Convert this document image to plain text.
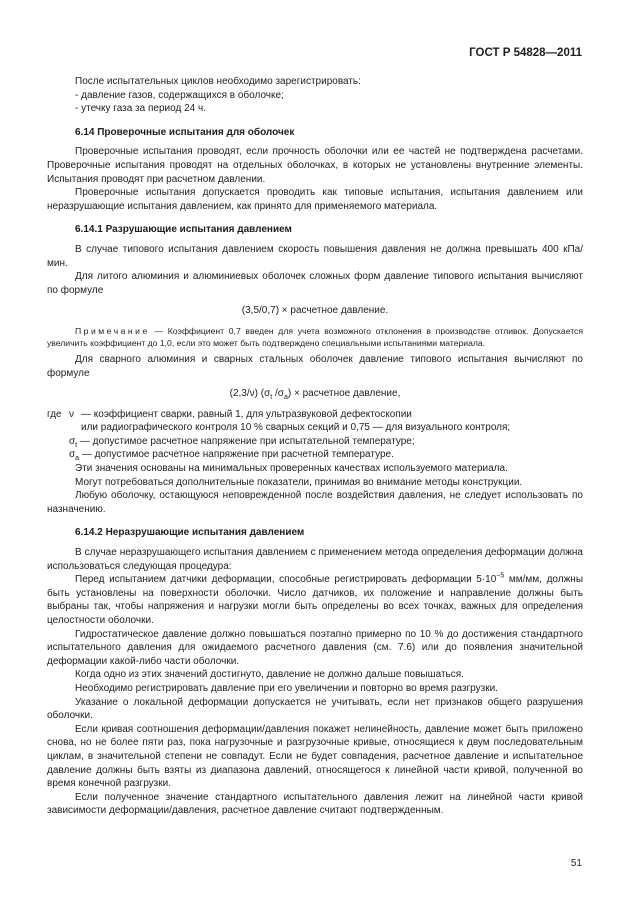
ГОСТ Р 54828—2011

После испытательных циклов необходимо зарегистрировать:

- давление газов, содержащихся в оболочке;

- утечку газа за период 24 ч.

6.14 Проверочные испытания для оболочек

Проверочные испытания проводят, если прочность оболочки или ее частей не подтверждена расчетами. Проверочные испытания проводят на отдельных оболочках, в которых не установлены внутренние элементы. Испытания проводят при расчетном давлении.

Проверочные испытания допускается проводить как типовые испытания, испытания давлением или неразрушающие испытания давлением, как принято для применяемого материала.

6.14.1 Разрушающие испытания давлением

В случае типового испытания давлением скорость повышения давления не должна превышать 400 кПа/мин.

Для литого алюминия и алюминиевых оболочек сложных форм давление типового испытания вычисляют по формуле

(3,5/0,7) × расчетное давление.

Примечание — Коэффициент 0,7 введен для учета возможного отклонения в производстве отливок. Допускается увеличить коэффициент до 1,0, если это может быть подтверждено специальными испытаниями материала.

Для сварного алюминия и сварных стальных оболочек давление типового испытания вычисляют по формуле

(2,3/ν) ($\sigma_t$ $/\sigma_a$) × расчетное давление,

где ν — коэффициент сварки, равный 1, для ультразвуковой дефектоскопии

или радиографического контроля 10 % сварных секций и 0,75 — для визуального контроля;

$\sigma_t$ — допустимое расчетное напряжение при испытательной температуре;

$\sigma_a$ — допустимое расчетное напряжение при расчетной температуре.

Эти значения основаны на минимальных проверенных качествах используемого материала.

Могут потребоваться дополнительные показатели, принимая во внимание методы конструкции.

Любую оболочку, остающуюся неповрежденной после воздействия давления, не следует использовать по назначению.

6.14.2 Неразрушающие испытания давлением

В случае неразрушающего испытания давлением с применением метода определения деформации должна использоваться следующая процедура:

Перед испытанием датчики деформации, способные регистрировать деформации $5\cdot 10^{-5}$ мм/мм, должны быть установлены на поверхности оболочки. Число датчиков, их положение и направление должны быть выбраны так, чтобы напряжения и нагрузки могли быть определены во всех точках, важных для определения целостности оболочки.

Гидростатическое давление должно повышаться поэтапно примерно по 10 % до достижения стандартного испытательного давления для ожидаемого расчетного давления (см. 7.6) или до появления значительной деформации какой-либо части оболочки.

Когда одно из этих значений достигнуто, давление не должно дальше повышаться.

Необходимо регистрировать давление при его увеличении и повторно во время разгрузки.

Указание о локальной деформации допускается не учитывать, если нет признаков общего разрушения оболочки.

Если кривая соотношения деформации/давления покажет нелинейность, давление может быть приложено снова, но не более пяти раз, пока нагрузочные и разгрузочные кривые, относящиеся к двум последовательным циклам, в значительной степени не совпадут. Если не будет совпадения, расчетное давление и испытательное давление должны быть взяты из диапазона давлений, относящегося к линейной части кривой, полученной во время конечной разгрузки.

Если полученное значение стандартного испытательного давления лежит на линейной части кривой зависимости деформации/давления, расчетное давление считают подтвержденным.

51
